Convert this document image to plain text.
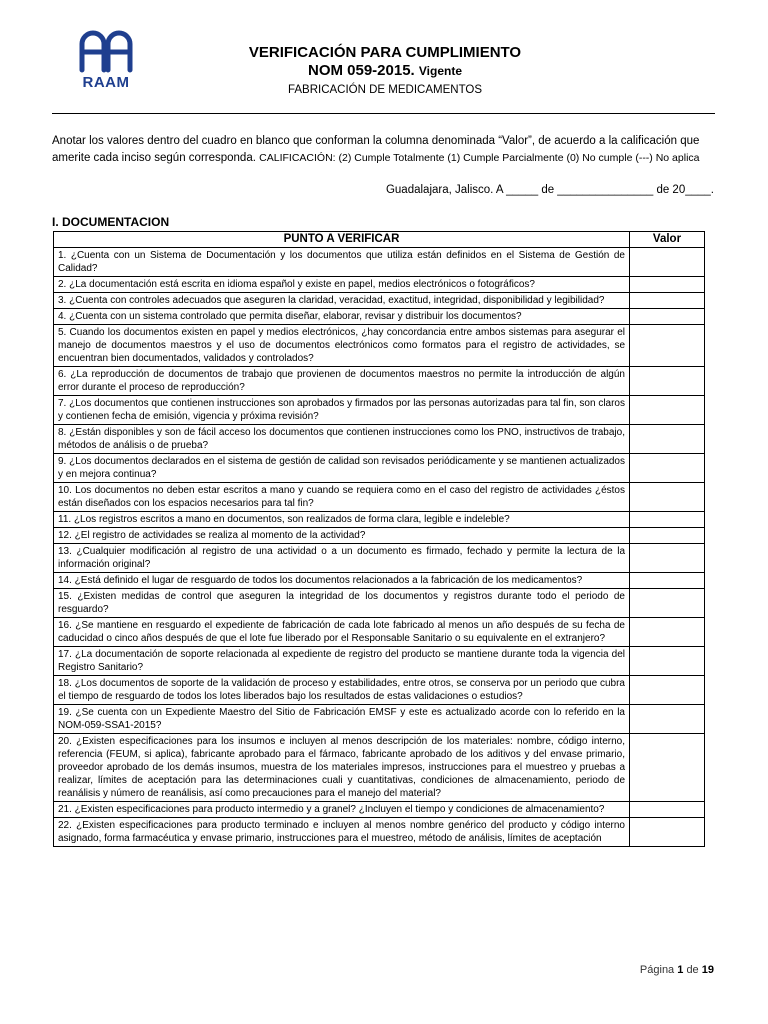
RAAM
VERIFICACIÓN PARA CUMPLIMIENTO
NOM 059-2015. Vigente
FABRICACIÓN DE MEDICAMENTOS
Anotar los valores dentro del cuadro en blanco que conforman la columna denominada “Valor”, de acuerdo a la calificación que amerite cada inciso según corresponda. CALIFICACIÓN: (2) Cumple Totalmente (1) Cumple Parcialmente (0) No cumple (---) No aplica
Guadalajara, Jalisco. A _____ de _______________ de 20____.
I. DOCUMENTACION
PUNTO A VERIFICAR	Valor
1. ¿Cuenta con un Sistema de Documentación y los documentos que utiliza están definidos en el Sistema de Gestión de Calidad?	
2. ¿La documentación está escrita en idioma español y existe en papel, medios electrónicos o fotográficos?	
3. ¿Cuenta con controles adecuados que aseguren la claridad, veracidad, exactitud, integridad, disponibilidad y legibilidad?	
4. ¿Cuenta con un sistema controlado que permita diseñar, elaborar, revisar y distribuir los documentos?	
5. Cuando los documentos existen en papel y medios electrónicos, ¿hay concordancia entre ambos sistemas para asegurar el manejo de documentos maestros y el uso de documentos electrónicos como formatos para el registro de actividades, se encuentran bien documentados, validados y controlados?	
6. ¿La reproducción de documentos de trabajo que provienen de documentos maestros no permite la introducción de algún error durante el proceso de reproducción?	
7. ¿Los documentos que contienen instrucciones son aprobados y firmados por las personas autorizadas para tal fin, son claros y contienen fecha de emisión, vigencia y próxima revisión?	
8. ¿Están disponibles y son de fácil acceso los documentos que contienen instrucciones como los PNO, instructivos de trabajo, métodos de análisis o de prueba?	
9. ¿Los documentos declarados en el sistema de gestión de calidad son revisados periódicamente y se mantienen actualizados y en mejora continua?	
10. Los documentos no deben estar escritos a mano y cuando se requiera como en el caso del registro de actividades ¿éstos están diseñados con los espacios necesarios para tal fin?	
11. ¿Los registros escritos a mano en documentos, son realizados de forma clara, legible e indeleble?	
12. ¿El registro de actividades se realiza al momento de la actividad?	
13. ¿Cualquier modificación al registro de una actividad o a un documento es firmado, fechado y permite la lectura de la información original?	
14. ¿Está definido el lugar de resguardo de todos los documentos relacionados a la fabricación de los medicamentos?	
15. ¿Existen medidas de control que aseguren la integridad de los documentos y registros durante todo el periodo de resguardo?	
16. ¿Se mantiene en resguardo el expediente de fabricación de cada lote fabricado al menos un año después de su fecha de caducidad o cinco años después de que el lote fue liberado por el Responsable Sanitario o su equivalente en el extranjero?	
17. ¿La documentación de soporte relacionada al expediente de registro del producto se mantiene durante toda la vigencia del Registro Sanitario?	
18. ¿Los documentos de soporte de la validación de proceso y estabilidades, entre otros, se conserva por un periodo que cubra el tiempo de resguardo de todos los lotes liberados bajo los resultados de estas validaciones o estudios?	
19. ¿Se cuenta con un Expediente Maestro del Sitio de Fabricación EMSF y este es actualizado acorde con lo referido en la NOM-059-SSA1-2015?	
20. ¿Existen especificaciones para los insumos e incluyen al menos descripción de los materiales: nombre, código interno, referencia (FEUM, si aplica), fabricante aprobado para el fármaco, fabricante aprobado de los aditivos y del envase primario, proveedor aprobado de los demás insumos, muestra de los materiales impresos, instrucciones para el muestreo y pruebas a realizar, límites de aceptación para las determinaciones cuali y cuantitativas, condiciones de almacenamiento, periodo de reanálisis y número de reanálisis, así como precauciones para el manejo del material?	
21. ¿Existen especificaciones para producto intermedio y a granel? ¿Incluyen el tiempo y condiciones de almacenamiento?	
22. ¿Existen especificaciones para producto terminado e incluyen al menos nombre genérico del producto y código interno asignado, forma farmacéutica y envase primario, instrucciones para el muestreo, método de análisis, límites de aceptación	
Página 1 de 19
